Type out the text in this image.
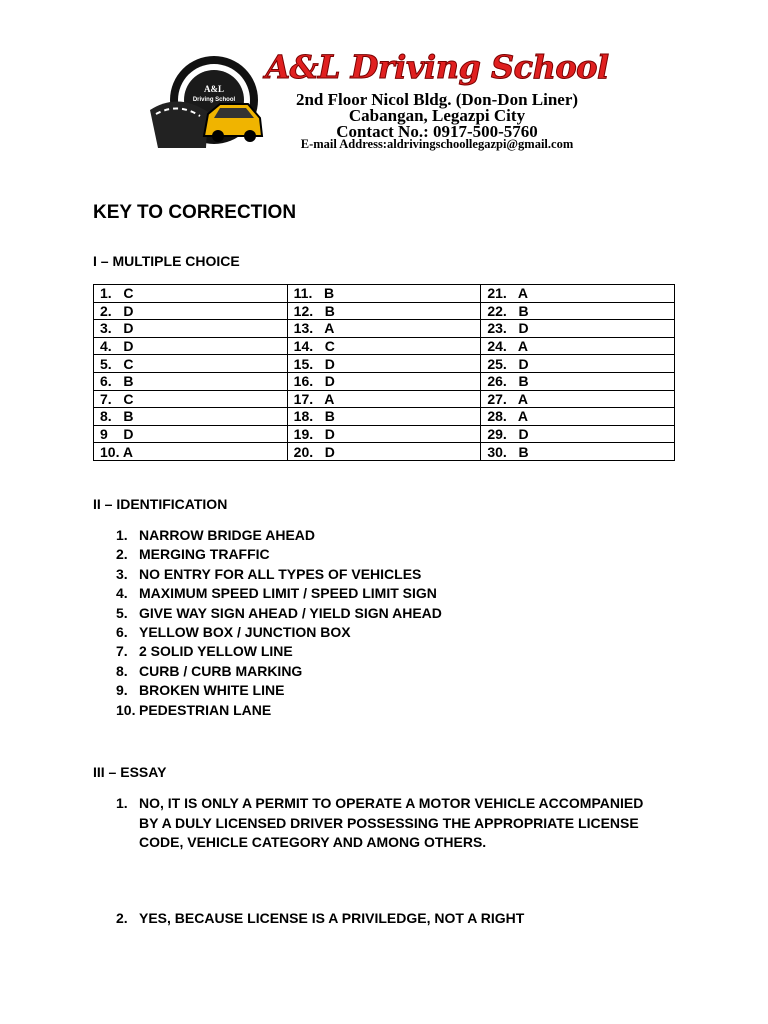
A&L
Driving School
A&L Driving School
2nd Floor Nicol Bldg. (Don-Don Liner)
Cabangan, Legazpi City
Contact No.: 0917-500-5760
E-mail Address:aldrivingschoollegazpi@gmail.com
KEY TO CORRECTION
I – MULTIPLE CHOICE
1.   C	11.   B	21.   A
2.   D	12.   B	22.   B
3.   D	13.   A	23.   D
4.   D	14.   C	24.   A
5.   C	15.   D	25.   D
6.   B	16.   D	26.   B
7.   C	17.   A	27.   A
8.   B	18.   B	28.   A
9    D	19.   D	29.   D
10. A	20.   D	30.   B
II – IDENTIFICATION
1. NARROW BRIDGE AHEAD
2. MERGING TRAFFIC
3. NO ENTRY FOR ALL TYPES OF VEHICLES
4. MAXIMUM SPEED LIMIT / SPEED LIMIT SIGN
5. GIVE WAY SIGN AHEAD / YIELD SIGN AHEAD
6. YELLOW BOX / JUNCTION BOX
7. 2 SOLID YELLOW LINE
8. CURB / CURB MARKING
9. BROKEN WHITE LINE
10. PEDESTRIAN LANE
III – ESSAY
1. NO, IT IS ONLY A PERMIT TO OPERATE A MOTOR VEHICLE ACCOMPANIED BY A DULY LICENSED DRIVER POSSESSING THE APPROPRIATE LICENSE CODE, VEHICLE CATEGORY AND AMONG OTHERS.
2. YES, BECAUSE LICENSE IS A PRIVILEDGE, NOT A RIGHT
